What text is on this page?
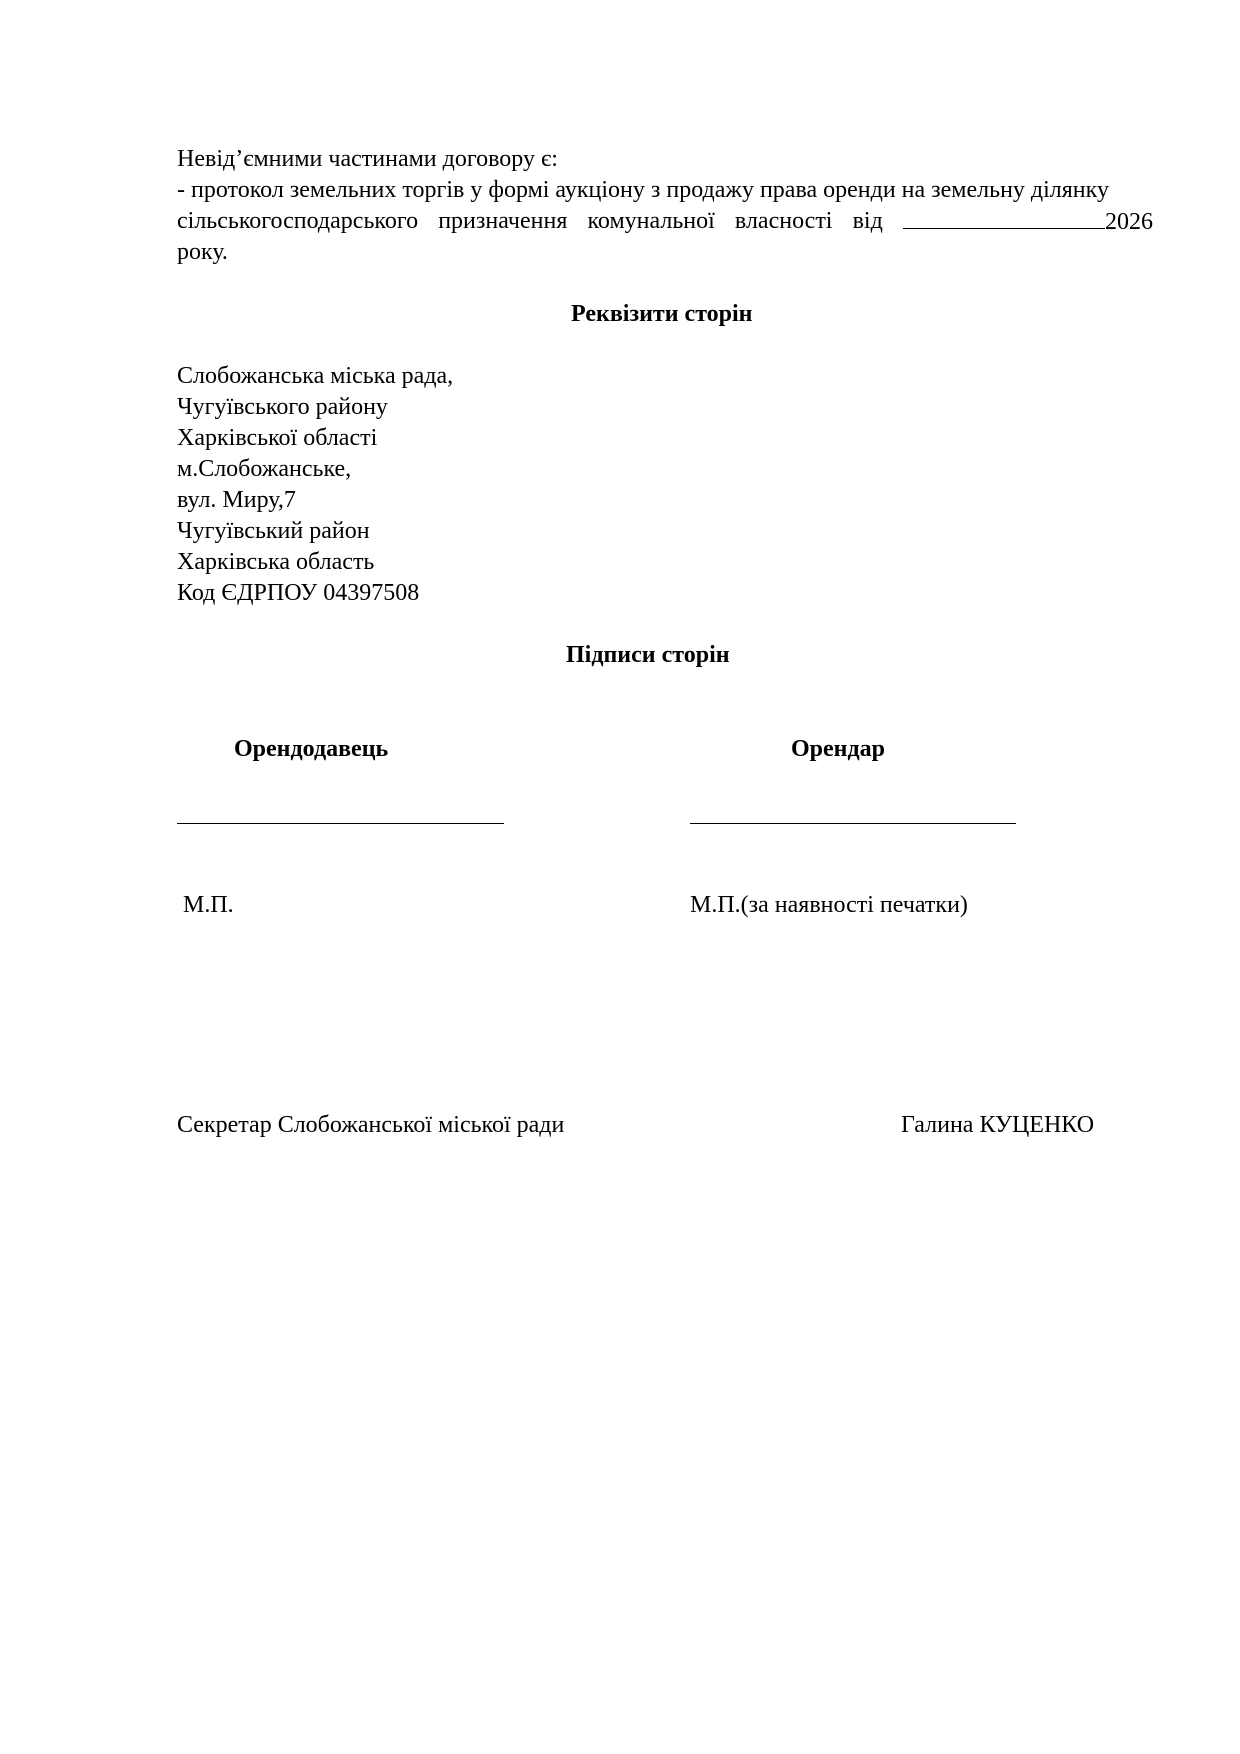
Невід’ємними частинами договору є:
- протокол земельних торгів у формі аукціону з продажу права оренди на земельну ділянку
сільськогосподарського призначення комунальної власності від	2026
року.
Реквізити сторін
Слобожанська міська рада,
Чугуївського району
Харківської області
м.Слобожанське,
вул. Миру,7
Чугуївський район
Харківська область
Код ЄДРПОУ 04397508
Підписи сторін
Орендодавець	Орендар
М.П.	М.П.(за наявності печатки)
Секретар Слобожанської міської ради	Галина КУЦЕНКО
